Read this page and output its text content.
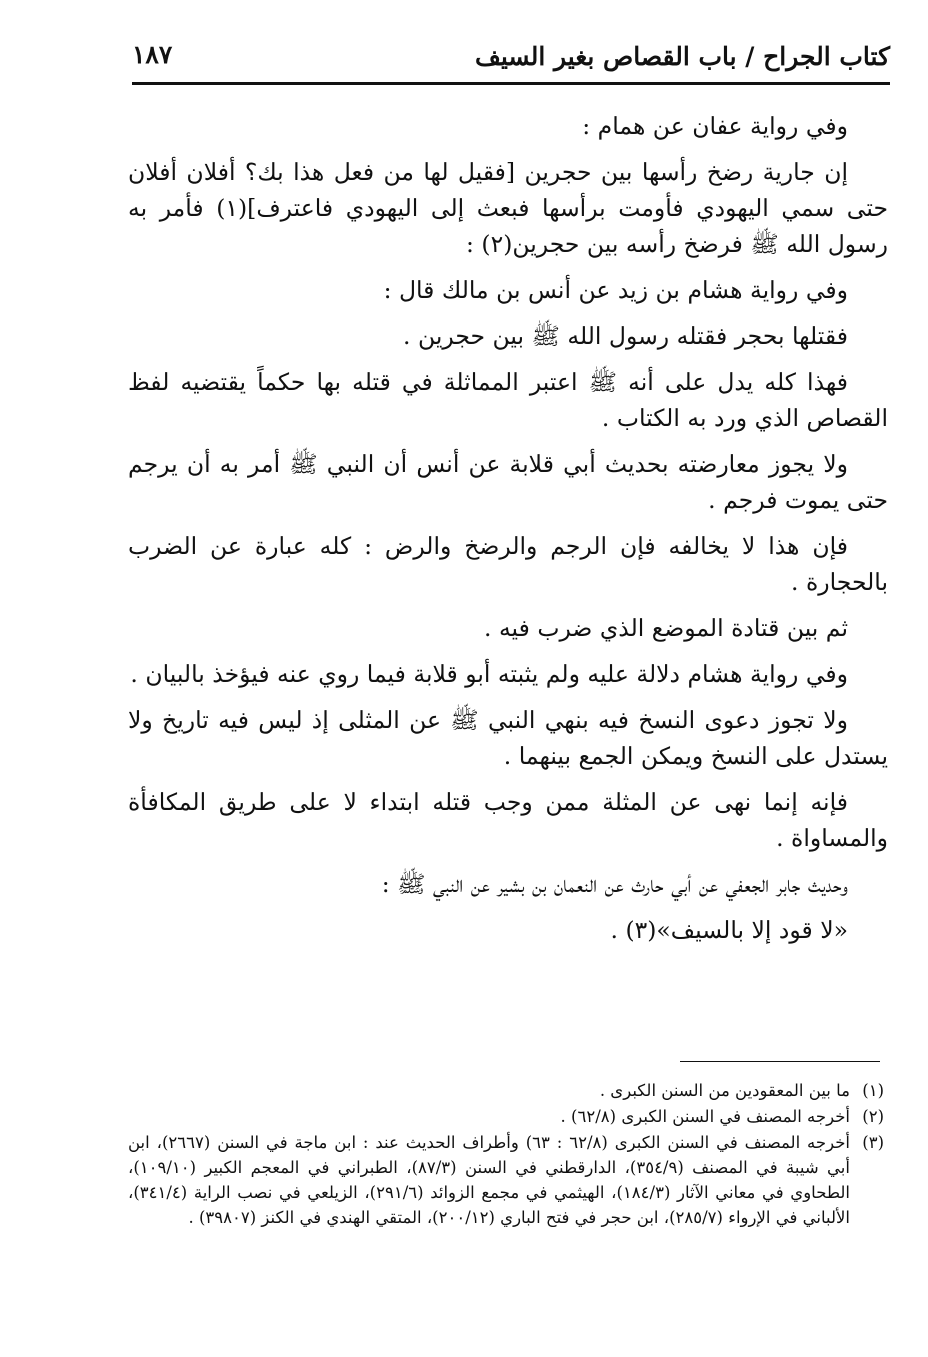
كتاب الجراح / باب القصاص بغير السيف
١٨٧

وفي رواية عفان عن همام :

إن جارية رضخ رأسها بين حجرين [فقيل لها من فعل هذا بك؟ أفلان أفلان حتى سمي اليهودي فأومت برأسها فبعث إلى اليهودي فاعترف](١) فأمر به رسول الله ﷺ فرضخ رأسه بين حجرين(٢) :

وفي رواية هشام بن زيد عن أنس بن مالك قال :

فقتلها بحجر فقتله رسول الله ﷺ بين حجرين .

فهذا كله يدل على أنه ﷺ اعتبر المماثلة في قتله بها حكماً يقتضيه لفظ القصاص الذي ورد به الكتاب .

ولا يجوز معارضته بحديث أبي قلابة عن أنس أن النبي ﷺ أمر به أن يرجم حتى يموت فرجم .

فإن هذا لا يخالفه فإن الرجم والرضخ والرض : كله عبارة عن الضرب بالحجارة .

ثم بين قتادة الموضع الذي ضرب فيه .

وفي رواية هشام دلالة عليه ولم يثبته أبو قلابة فيما روي عنه فيؤخذ بالبيان .

ولا تجوز دعوى النسخ فيه بنهي النبي ﷺ عن المثلى إذ ليس فيه تاريخ ولا يستدل على النسخ ويمكن الجمع بينهما .

فإنه إنما نهى عن المثلة ممن وجب قتله ابتداء لا على طريق المكافأة والمساواة .

وحديث جابر الجعفي عن أبي حارث عن النعمان بن بشير عن النبي ﷺ :

«لا قود إلا بالسيف»(٣) .

(١)
ما بين المعقودين من السنن الكبرى .
(٢)
أخرجه المصنف في السنن الكبرى (٦٢/٨) .
(٣)
أخرجه المصنف في السنن الكبرى (٦٢/٨ : ٦٣) وأطراف الحديث عند : ابن ماجة في السنن (٢٦٦٧)، ابن أبي شيبة في المصنف (٣٥٤/٩)، الدارقطني في السنن (٨٧/٣)، الطبراني في المعجم الكبير (١٠٩/١٠)، الطحاوي في معاني الآثار (١٨٤/٣)، الهيثمي في مجمع الزوائد (٢٩١/٦)، الزيلعي في نصب الراية (٣٤١/٤)، الألباني في الإرواء (٢٨٥/٧)، ابن حجر في فتح الباري (٢٠٠/١٢)، المتقي الهندي في الكنز (٣٩٨٠٧) .
